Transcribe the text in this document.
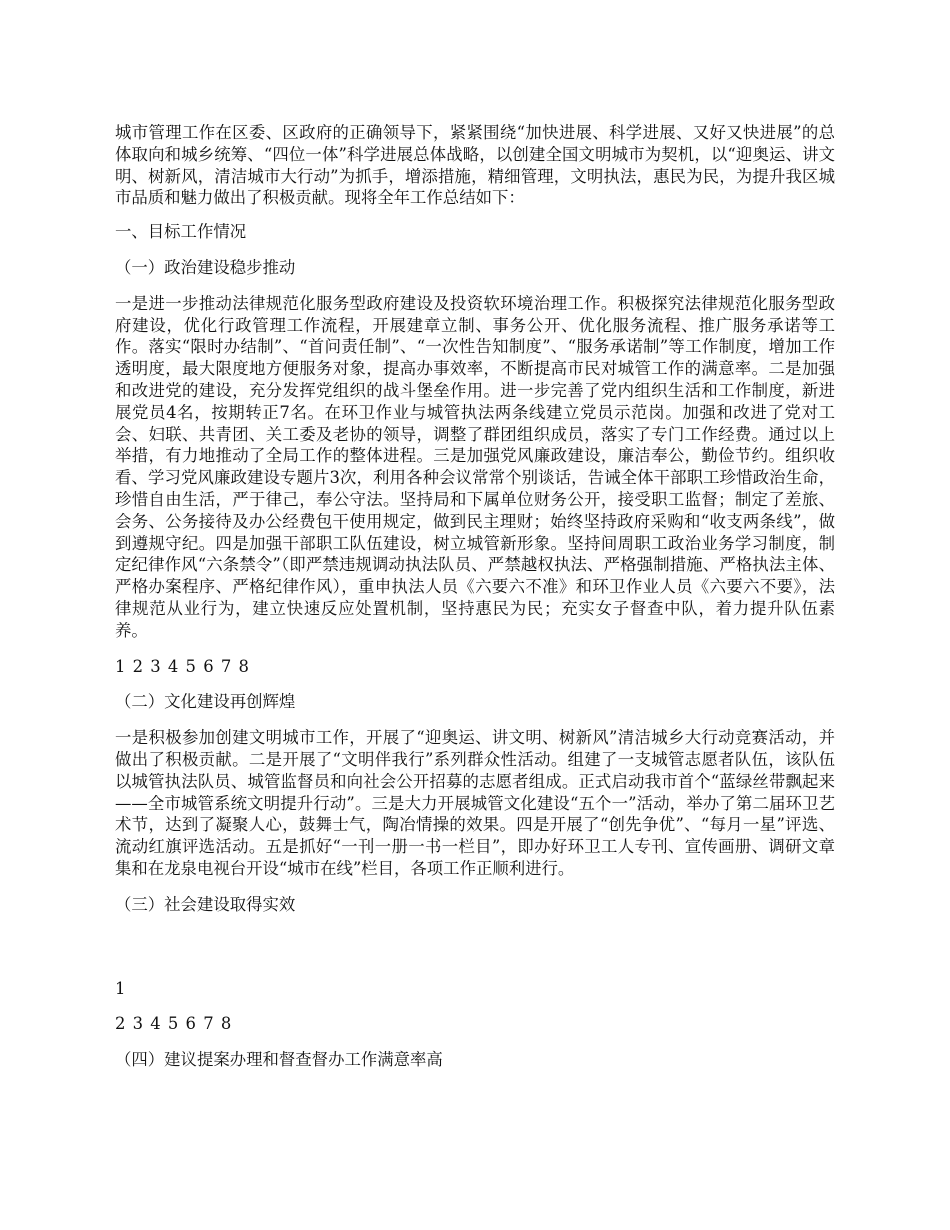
城市管理工作在区委、区政府的正确领导下，紧紧围绕“加快进展、科学进展、又好又快进展”的总体取向和城乡统筹、“四位一体”科学进展总体战略，以创建全国文明城市为契机，以“迎奥运、讲文明、树新风，清洁城市大行动”为抓手，增添措施，精细管理，文明执法，惠民为民，为提升我区城市品质和魅力做出了积极贡献。现将全年工作总结如下：

一、目标工作情况

（一）政治建设稳步推动

一是进一步推动法律规范化服务型政府建设及投资软环境治理工作。积极探究法律规范化服务型政府建设，优化行政管理工作流程，开展建章立制、事务公开、优化服务流程、推广服务承诺等工作。落实“限时办结制”、“首问责任制”、“一次性告知制度”、“服务承诺制”等工作制度，增加工作透明度，最大限度地方便服务对象，提高办事效率，不断提高市民对城管工作的满意率。二是加强和改进党的建设，充分发挥党组织的战斗堡垒作用。进一步完善了党内组织生活和工作制度，新进展党员4名，按期转正7名。在环卫作业与城管执法两条线建立党员示范岗。加强和改进了党对工会、妇联、共青团、关工委及老协的领导，调整了群团组织成员，落实了专门工作经费。通过以上举措，有力地推动了全局工作的整体进程。三是加强党风廉政建设，廉洁奉公，勤俭节约。组织收看、学习党风廉政建设专题片3次，利用各种会议常常个别谈话，告诫全体干部职工珍惜政治生命，珍惜自由生活，严于律己，奉公守法。坚持局和下属单位财务公开，接受职工监督；制定了差旅、会务、公务接待及办公经费包干使用规定，做到民主理财；始终坚持政府采购和“收支两条线”，做到遵规守纪。四是加强干部职工队伍建设，树立城管新形象。坚持间周职工政治业务学习制度，制定纪律作风“六条禁令”（即严禁违规调动执法队员、严禁越权执法、严格强制措施、严格执法主体、严格办案程序、严格纪律作风），重申执法人员《六要六不准》和环卫作业人员《六要六不要》，法律规范从业行为，建立快速反应处置机制，坚持惠民为民；充实女子督查中队，着力提升队伍素养。

1 2 3 4 5 6 7 8

（二）文化建设再创辉煌

一是积极参加创建文明城市工作，开展了“迎奥运、讲文明、树新风”清洁城乡大行动竞赛活动，并做出了积极贡献。二是开展了“文明伴我行”系列群众性活动。组建了一支城管志愿者队伍，该队伍以城管执法队员、城管监督员和向社会公开招募的志愿者组成。正式启动我市首个“蓝绿丝带飘起来——全市城管系统文明提升行动”。三是大力开展城管文化建设“五个一”活动，举办了第二届环卫艺术节，达到了凝聚人心，鼓舞士气，陶冶情操的效果。四是开展了“创先争优”、“每月一星”评选、流动红旗评选活动。五是抓好“一刊一册一书一栏目”，即办好环卫工人专刊、宣传画册、调研文章集和在龙泉电视台开设“城市在线”栏目，各项工作正顺利进行。

（三）社会建设取得实效

1

2 3 4 5 6 7 8

（四）建议提案办理和督查督办工作满意率高
